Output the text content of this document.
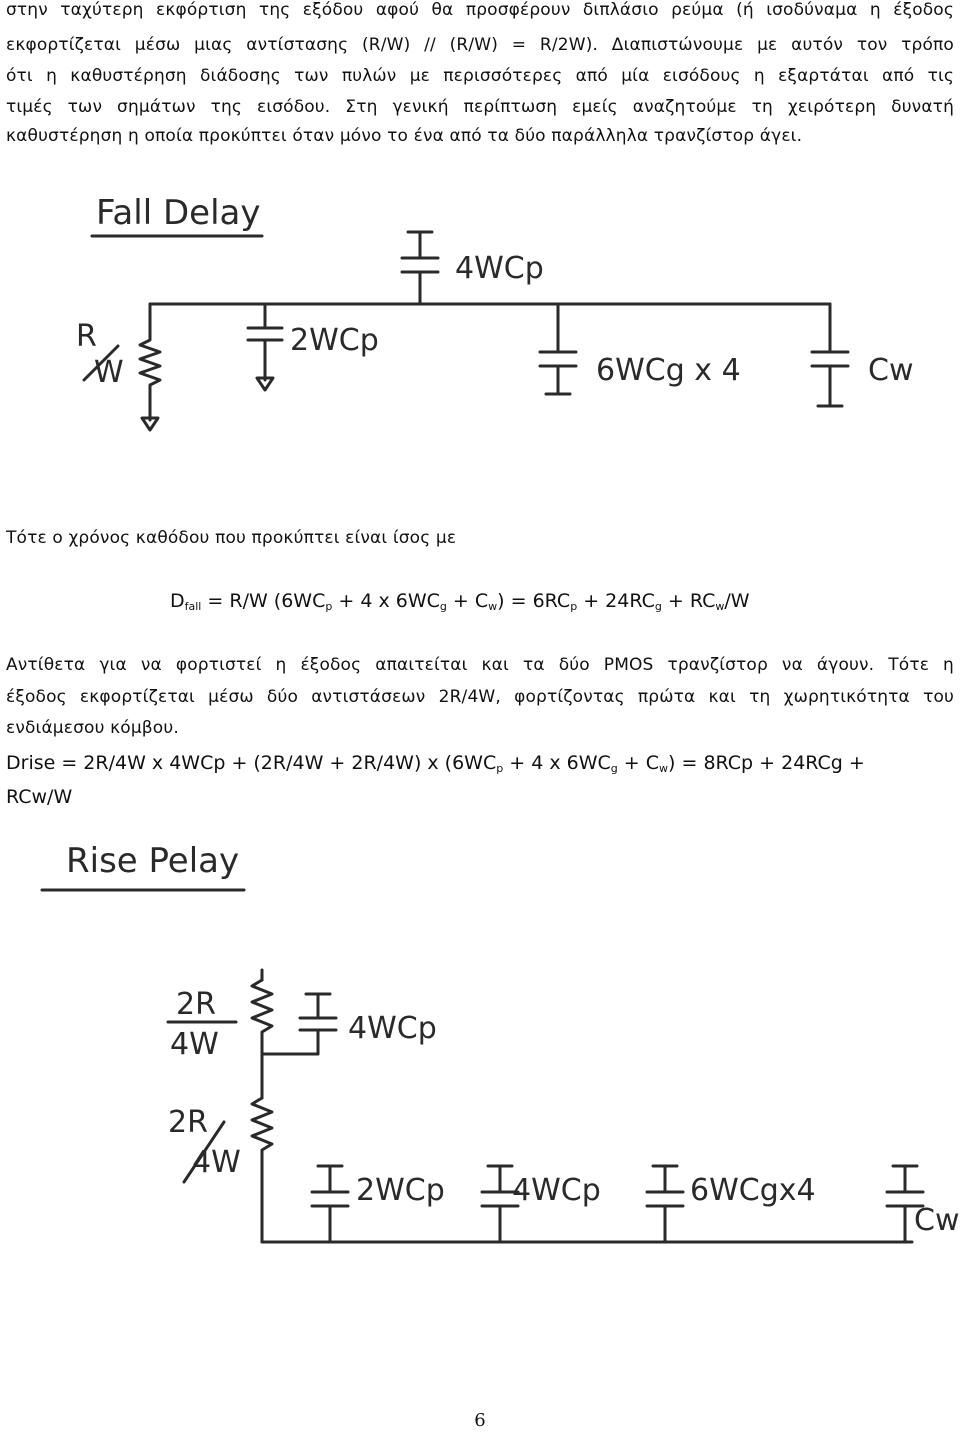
στην ταχύτερη εκφόρτιση της εξόδου αφού θα προσφέρουν διπλάσιο ρεύμα (ή ισοδύναμα η έξοδος
εκφορτίζεται μέσω μιας αντίστασης (R/W) // (R/W) = R/2W). Διαπιστώνουμε με αυτόν τον τρόπο
ότι η καθυστέρηση διάδοσης των πυλών με περισσότερες από μία εισόδους η εξαρτάται από τις
τιμές των σημάτων της εισόδου. Στη γενική περίπτωση εμείς αναζητούμε τη χειρότερη δυνατή
καθυστέρηση η οποία προκύπτει όταν μόνο το ένα από τα δύο παράλληλα τρανζίστορ άγει.
Fall Delay
R
W
2WCp
4WCp
6WCg x 4	Cw
Τότε ο χρόνος καθόδου που προκύπτει είναι ίσος με
$D_{fall} = R/W$ ($6WC_p + 4$ x $6WC_g + C_w) = 6RC_p + 24RC_g + RC_w/W$
Αντίθετα για να φορτιστεί η έξοδος απαιτείται και τα δύο PMOS τρανζίστορ να άγουν. Τότε η
έξοδος εκφορτίζεται μέσω δύο αντιστάσεων 2R/4W, φορτίζοντας πρώτα και τη χωρητικότητα του
ενδιάμεσου κόμβου.
Drise = 2R/4W x 4WCp + (2R/4W + 2R/4W) x ($6WC_p + 4$ x $6WC_g + C_w) = 8RCp + 24RCg$ +
RCw/W
Rise Pelay
2R
4W	4WCp
2R
4W
2WCp 4WCp	6WCgx4
Cw
6
